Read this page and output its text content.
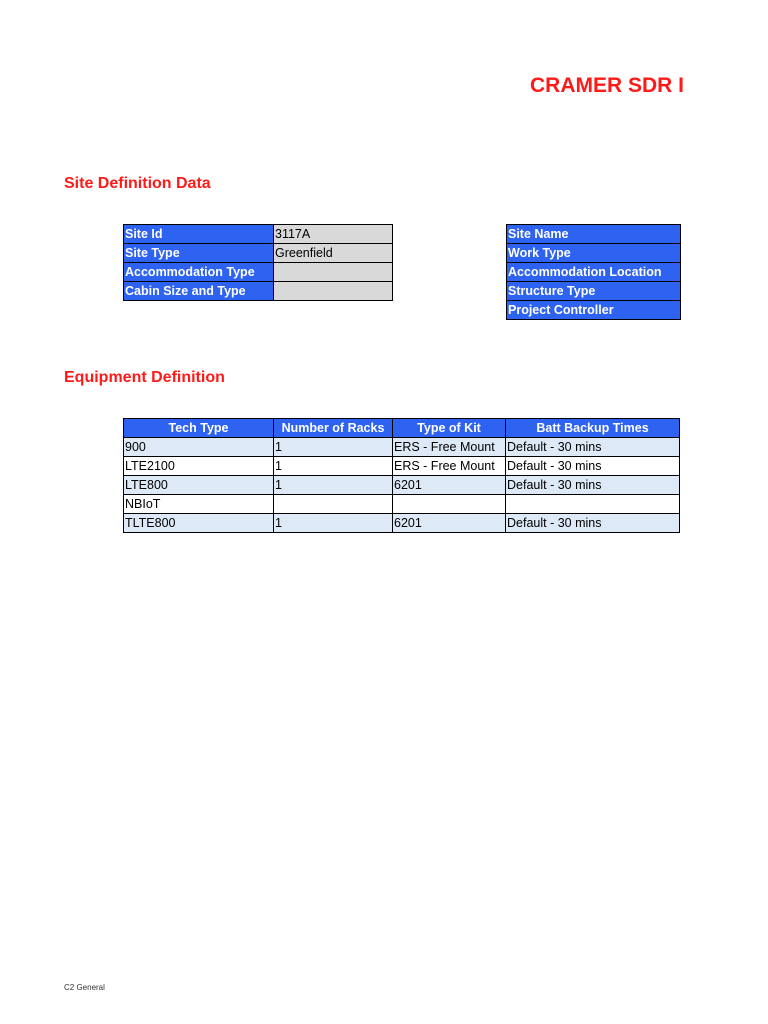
CRAMER SDR I
Site Definition Data
Site Id	3117A
Site Type	Greenfield
Accommodation Type	
Cabin Size and Type	
Site Name
Work Type
Accommodation Location
Structure Type
Project Controller
Equipment Definition
Tech Type	Number of Racks	Type of Kit	Batt Backup Times
900	1	ERS - Free Mount	Default - 30 mins
LTE2100	1	ERS - Free Mount	Default - 30 mins
LTE800	1	6201	Default - 30 mins
NBIoT			
TLTE800	1	6201	Default - 30 mins
C2 General
